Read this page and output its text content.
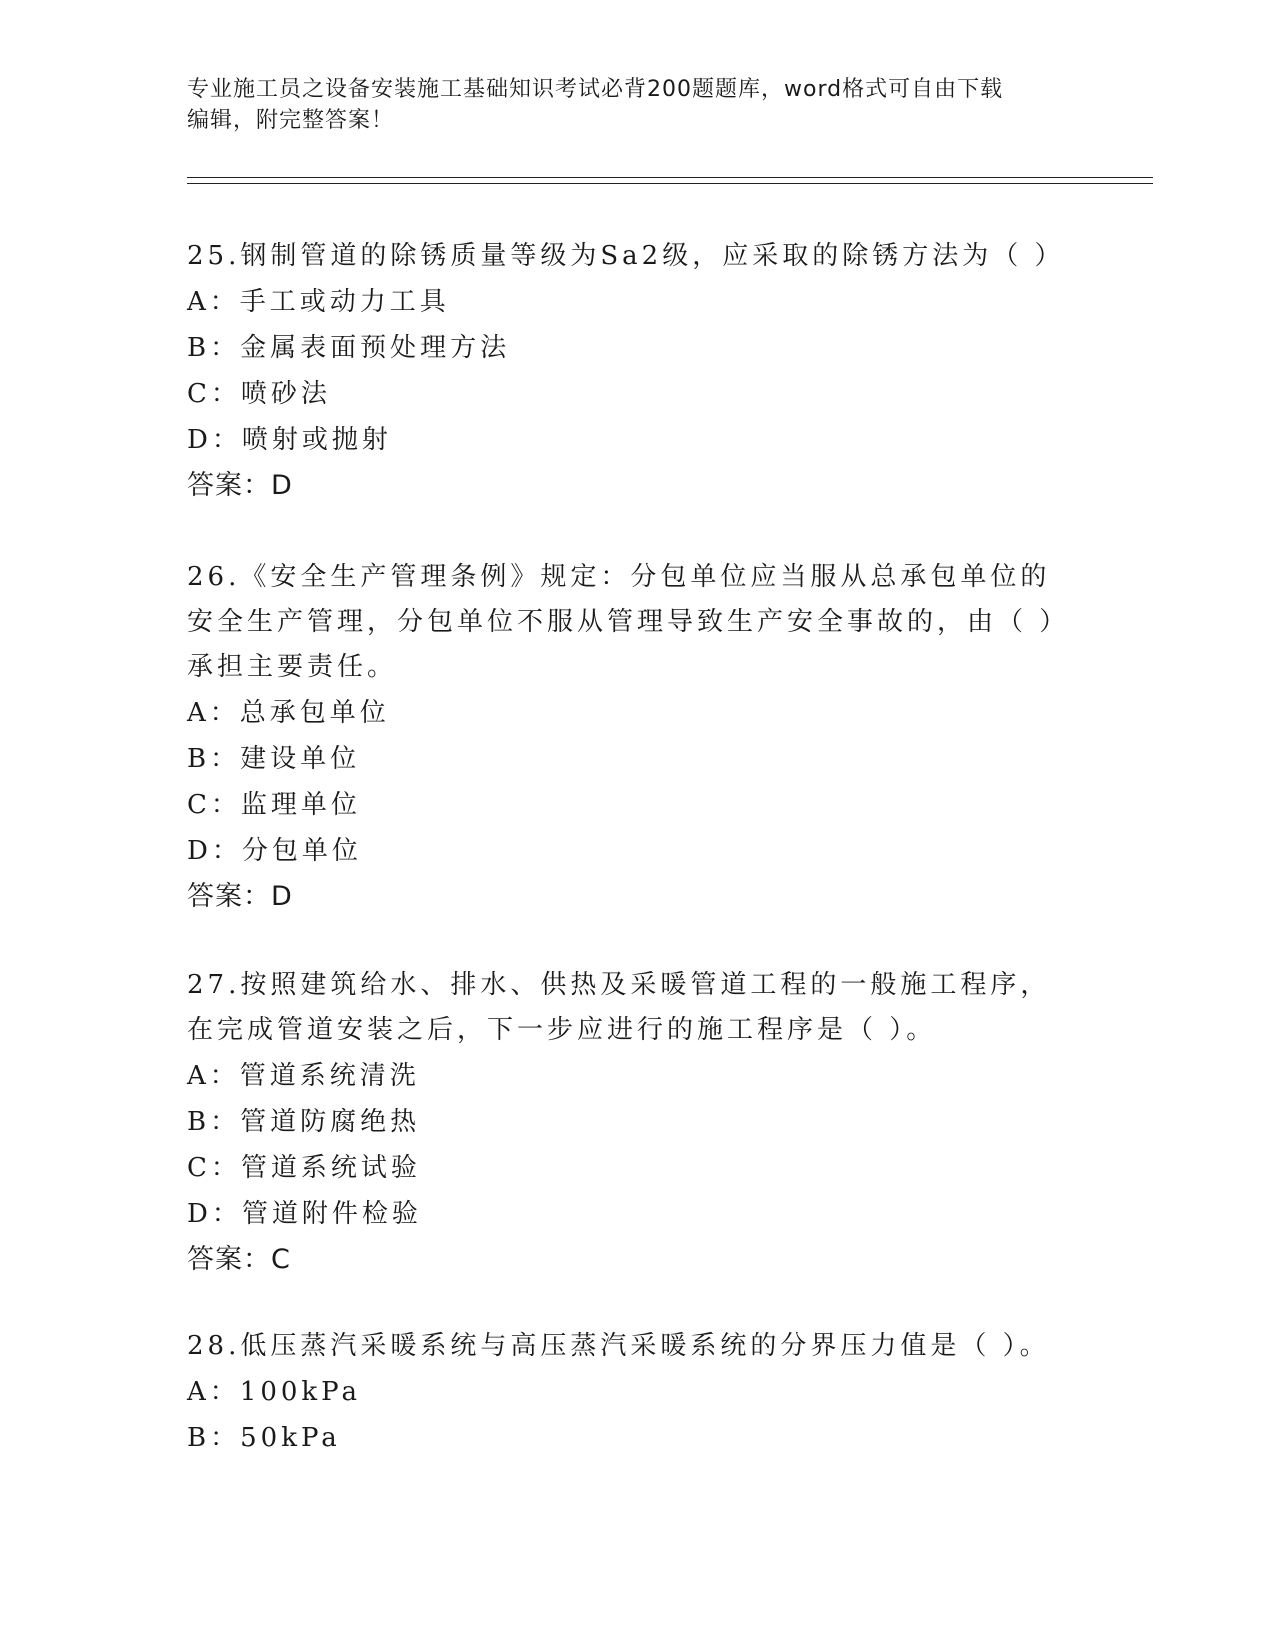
专业施工员之设备安装施工基础知识考试必背200题题库，word格式可自由下载
编辑，附完整答案！
25.钢制管道的除锈质量等级为Sa2级，应采取的除锈方法为（ ）
A：手工或动力工具
B：金属表面预处理方法
C：喷砂法
D：喷射或抛射
答案：D
26.《安全生产管理条例》规定：分包单位应当服从总承包单位的安全生产管理，分包单位不服从管理导致生产安全事故的，由（ ）承担主要责任。
A：总承包单位
B：建设单位
C：监理单位
D：分包单位
答案：D
27.按照建筑给水、排水、供热及采暖管道工程的一般施工程序，在完成管道安装之后，下一步应进行的施工程序是（ ）。
A：管道系统清洗
B：管道防腐绝热
C：管道系统试验
D：管道附件检验
答案：C
28.低压蒸汽采暖系统与高压蒸汽采暖系统的分界压力值是（ ）。
A：100kPa
B：50kPa
